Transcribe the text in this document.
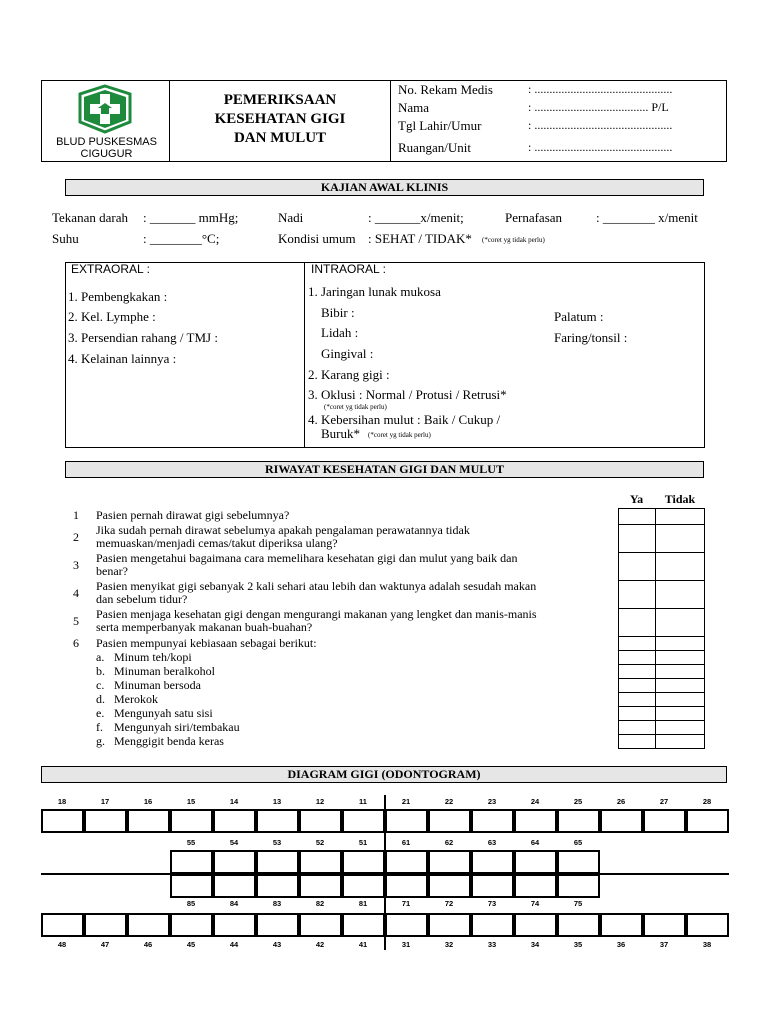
BLUD PUSKESMAS
CIGUGUR
PEMERIKSAAN
KESEHATAN GIGI
DAN MULUT
No. Rekam Medis	: ..............................................
Nama	: ...................................... P/L
Tgl Lahir/Umur	: ..............................................
Ruangan/Unit	: ..............................................
KAJIAN AWAL KLINIS
Tekanan darah : _______ mmHg;	Nadi	: _______x/menit;	Pernafasan	: ________ x/menit
Suhu	: ________°C;	Kondisi umum : SEHAT / TIDAK* (*coret yg tidak perlu)
EXTRAORAL :
1. Pembengkakan :
2. Kel. Lymphe :
3. Persendian rahang / TMJ :
4. Kelainan lainnya :
INTRAORAL :
1. Jaringan lunak mukosa
Bibir :
Lidah :
Gingival :
Palatum :
Faring/tonsil :
2. Karang gigi :
3. Oklusi : Normal / Protusi / Retrusi*
(*coret yg tidak perlu)
4. Kebersihan mulut : Baik / Cukup /
Buruk* (*coret yg tidak perlu)
RIWAYAT KESEHATAN GIGI DAN MULUT
Ya	Tidak
1 Pasien pernah dirawat gigi sebelumnya?
2 Jika sudah pernah dirawat sebelumya apakah pengalaman perawatannya tidak
memuaskan/menjadi cemas/takut diperiksa ulang?
3 Pasien mengetahui bagaimana cara memelihara kesehatan gigi dan mulut yang baik dan
benar?
4 Pasien menyikat gigi sebanyak 2 kali sehari atau lebih dan waktunya adalah sesudah makan
dan sebelum tidur?
5 Pasien menjaga kesehatan gigi dengan mengurangi makanan yang lengket dan manis-manis
serta memperbanyak makanan buah-buahan?
6 Pasien mempunyai kebiasaan sebagai berikut:
a. Minum teh/kopi
b. Minuman beralkohol
c. Minuman bersoda
d. Merokok
e. Mengunyah satu sisi
f. Mengunyah siri/tembakau
g. Menggigit benda keras

DIAGRAM GIGI (ODONTOGRAM)
18	17	16	15	14	13	12	11	21	22	23	24	25	26	27	28
55	54	53	52	51	61	62	63	64	65
85	84	83	82	81	71	72	73	74	75
48	47	46	45	44	43	42	41	31	32	33	34	35	36	37	38
